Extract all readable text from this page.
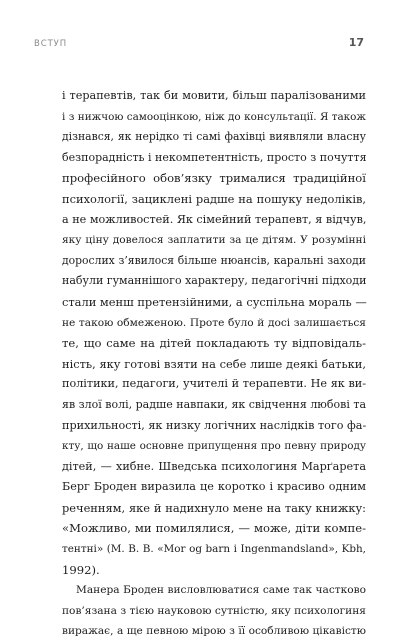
ВСТУП	17
і терапевтів, так би мовити, більш паралізованими
і з нижчою самооцінкою, ніж до консультації. Я також
дізнався, як нерідко ті самі фахівці виявляли власну
безпорадність і некомпетентність, просто з почуття
професійного обов’язку трималися традиційної
психології, зациклені радше на пошуку недоліків,
а не можливостей. Як сімейний терапевт, я відчув,
яку ціну довелося заплатити за це дітям. У розумінні
дорослих з’явилося більше нюансів, каральні заходи
набули гуманнішого характеру, педагогічні підходи
стали менш претензійними, а суспільна мораль —
не такою обмеженою. Проте було й досі залишається
те, що саме на дітей покладають ту відповідаль-
ність, яку готові взяти на себе лише деякі батьки,
політики, педагоги, учителі й терапевти. Не як ви-
яв злої волі, радше навпаки, як свідчення любові та
прихильності, як низку логічних наслідків того фа-
кту, що наше основне припущення про певну природу
дітей, — хибне. Шведська психологиня Марґарета
Берг Броден виразила це коротко і красиво одним
реченням, яке й надихнуло мене на таку книжку:
«Можливо, ми помилялися, — може, діти компе-
тентні» (M. B. B. «Mor og barn i Ingenmandsland», Kbh,
1992).
Манера Броден висловлюватися саме так частково
пов’язана з тією науковою сутністю, яку психологиня
виражає, а ще певною мірою з її особливою цікавістю
